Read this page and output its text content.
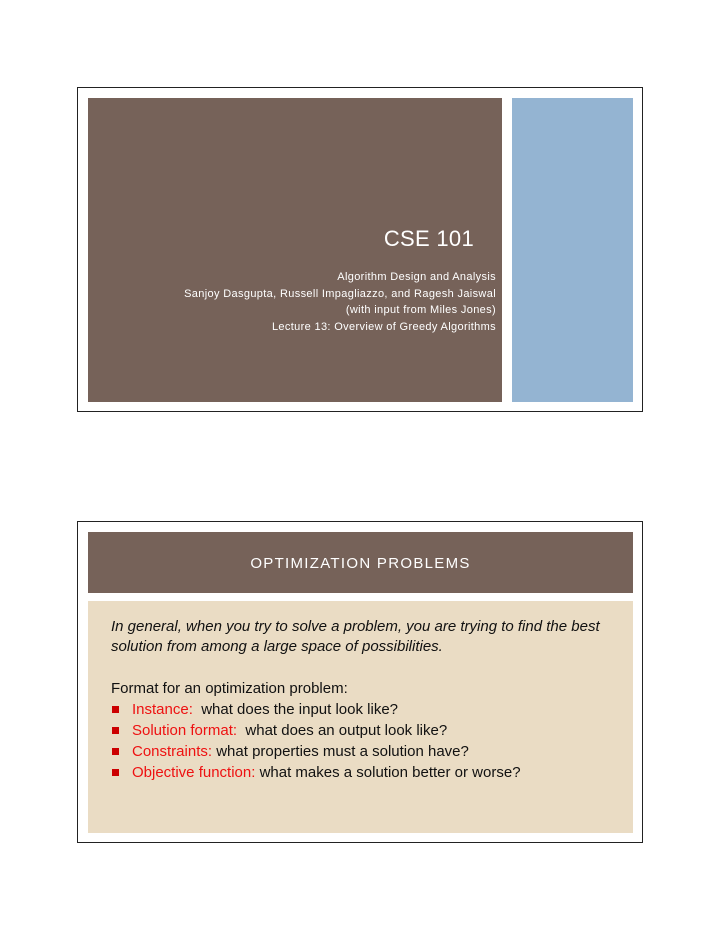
CSE 101
Algorithm Design and Analysis
Sanjoy Dasgupta, Russell Impagliazzo, and Ragesh Jaiswal
(with input from Miles Jones)
Lecture 13: Overview of Greedy Algorithms
OPTIMIZATION PROBLEMS
In general, when you try to solve a problem, you are trying to find the best solution from among a large space of possibilities.
Format for an optimization problem:
Instance:  what does the input look like?
Solution format:  what does an output look like?
Constraints: what properties must a solution have?
Objective function: what makes a solution better or worse?
